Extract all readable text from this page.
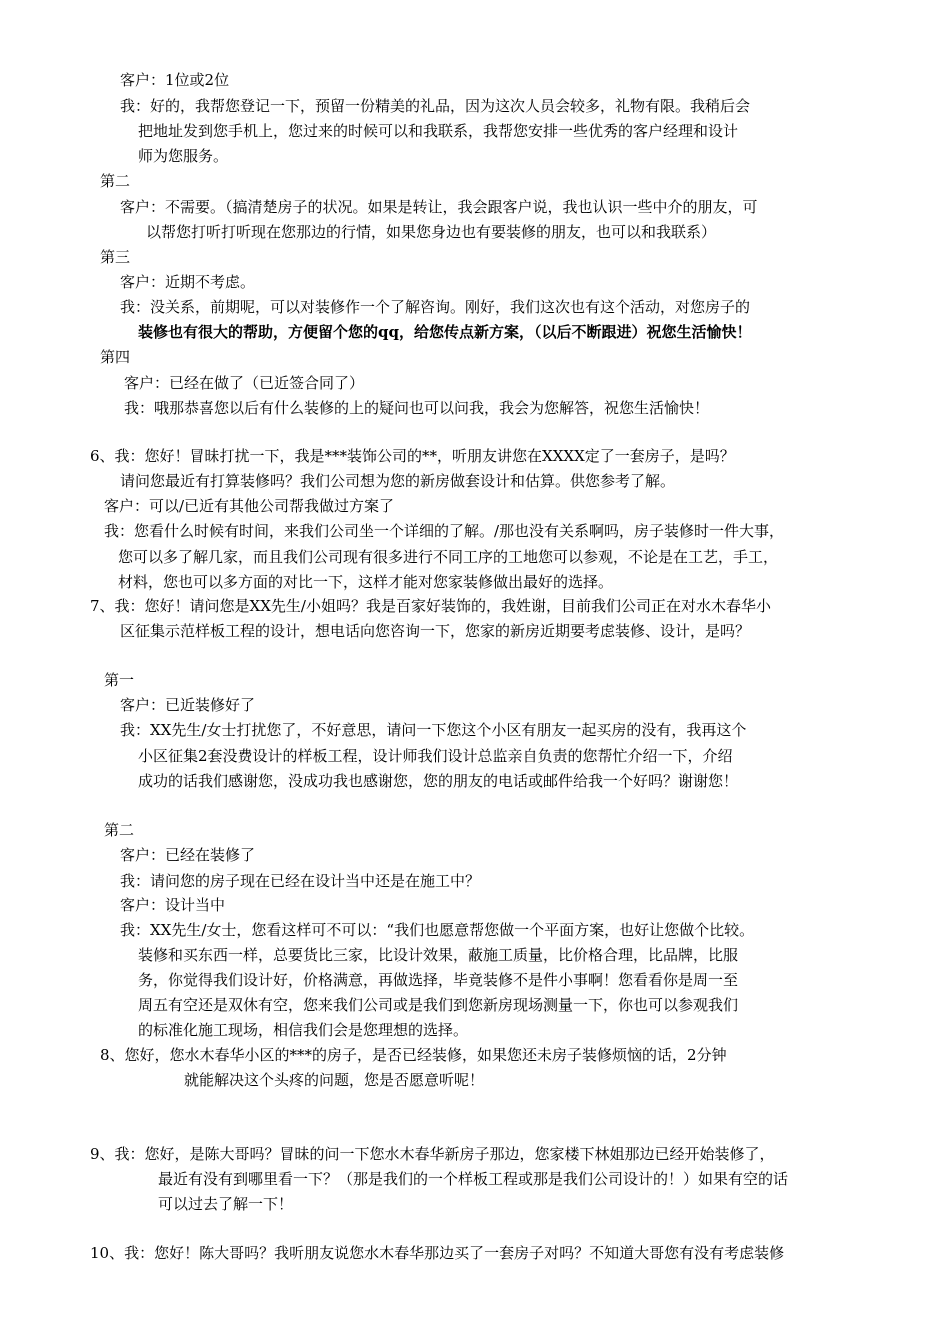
客户：1位或2位
我：好的，我帮您登记一下，预留一份精美的礼品，因为这次人员会较多，礼物有限。我稍后会
把地址发到您手机上，您过来的时候可以和我联系，我帮您安排一些优秀的客户经理和设计
师为您服务。
第二
客户：不需要。（搞清楚房子的状况。如果是转让，我会跟客户说，我也认识一些中介的朋友，可
以帮您打听打听现在您那边的行情，如果您身边也有要装修的朋友，也可以和我联系）
第三
客户：近期不考虑。
我：没关系，前期呢，可以对装修作一个了解咨询。刚好，我们这次也有这个活动，对您房子的
装修也有很大的帮助，方便留个您的qq，给您传点新方案，（以后不断跟进）祝您生活愉快！
第四
客户：已经在做了（已近签合同了）
我：哦那恭喜您以后有什么装修的上的疑问也可以问我，我会为您解答，祝您生活愉快！
6、我：您好！冒昧打扰一下，我是***装饰公司的**，听朋友讲您在XXXX定了一套房子，是吗？
请问您最近有打算装修吗？我们公司想为您的新房做套设计和估算。供您参考了解。
客户：可以/已近有其他公司帮我做过方案了
我：您看什么时候有时间，来我们公司坐一个详细的了解。/那也没有关系啊吗，房子装修时一件大事，
您可以多了解几家，而且我们公司现有很多进行不同工序的工地您可以参观，不论是在工艺，手工，
材料，您也可以多方面的对比一下，这样才能对您家装修做出最好的选择。
7、我：您好！请问您是XX先生/小姐吗？我是百家好装饰的，我姓谢，目前我们公司正在对水木春华小
区征集示范样板工程的设计，想电话向您咨询一下，您家的新房近期要考虑装修、设计，是吗？
第一
客户：已近装修好了
我：XX先生/女士打扰您了，不好意思，请问一下您这个小区有朋友一起买房的没有，我再这个
小区征集2套没费设计的样板工程，设计师我们设计总监亲自负责的您帮忙介绍一下，介绍
成功的话我们感谢您，没成功我也感谢您，您的朋友的电话或邮件给我一个好吗？谢谢您！
第二
客户：已经在装修了
我：请问您的房子现在已经在设计当中还是在施工中？
客户：设计当中
我：XX先生/女士，您看这样可不可以：“我们也愿意帮您做一个平面方案，也好让您做个比较。
装修和买东西一样，总要货比三家，比设计效果，蔽施工质量，比价格合理，比品牌，比服
务，你觉得我们设计好，价格满意，再做选择，毕竟装修不是件小事啊！您看看你是周一至
周五有空还是双休有空，您来我们公司或是我们到您新房现场测量一下，你也可以参观我们
的标准化施工现场，相信我们会是您理想的选择。
8、您好，您水木春华小区的***的房子，是否已经装修，如果您还未房子装修烦恼的话，2分钟
就能解决这个头疼的问题，您是否愿意听呢！
9、我：您好，是陈大哥吗？冒昧的问一下您水木春华新房子那边，您家楼下林姐那边已经开始装修了，
最近有没有到哪里看一下？（那是我们的一个样板工程或那是我们公司设计的！）如果有空的话
可以过去了解一下！
10、我：您好！陈大哥吗？我听朋友说您水木春华那边买了一套房子对吗？不知道大哥您有没有考虑装修
